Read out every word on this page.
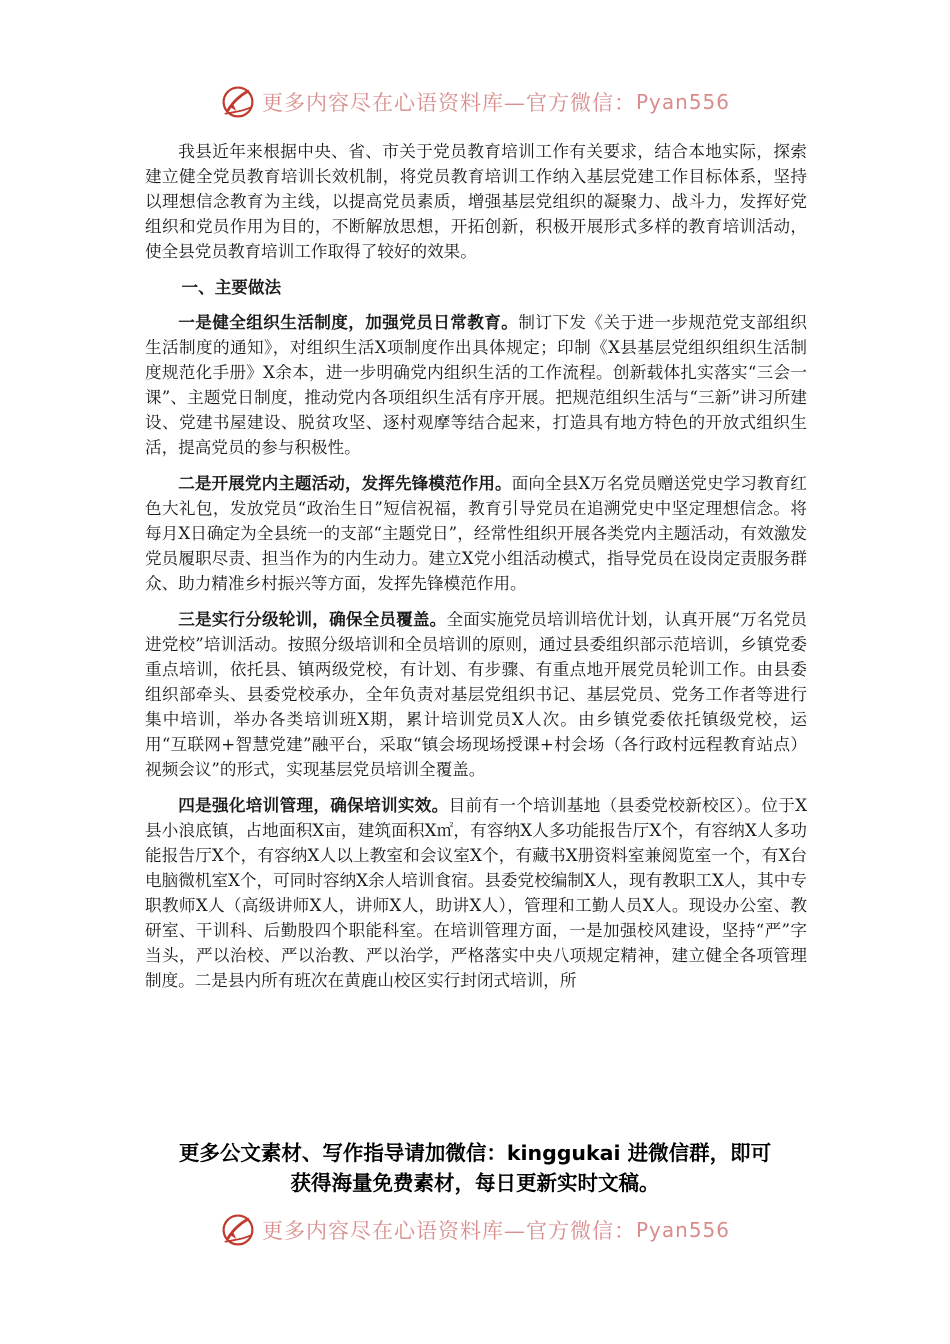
更多内容尽在心语资料库—官方微信： Pyan556

我县近年来根据中央、省、市关于党员教育培训工作有关要求，结合本地实际，探索建立健全党员教育培训长效机制，将党员教育培训工作纳入基层党建工作目标体系，坚持以理想信念教育为主线，以提高党员素质，增强基层党组织的凝聚力、战斗力，发挥好党组织和党员作用为目的，不断解放思想，开拓创新，积极开展形式多样的教育培训活动，使全县党员教育培训工作取得了较好的效果。

一、主要做法

一是健全组织生活制度，加强党员日常教育。制订下发《关于进一步规范党支部组织生活制度的通知》，对组织生活X项制度作出具体规定；印制《X县基层党组织组织生活制度规范化手册》X余本，进一步明确党内组织生活的工作流程。创新载体扎实落实“三会一课”、主题党日制度，推动党内各项组织生活有序开展。把规范组织生活与“三新”讲习所建设、党建书屋建设、脱贫攻坚、逐村观摩等结合起来，打造具有地方特色的开放式组织生活，提高党员的参与积极性。

二是开展党内主题活动，发挥先锋模范作用。面向全县X万名党员赠送党史学习教育红色大礼包，发放党员“政治生日”短信祝福，教育引导党员在追溯党史中坚定理想信念。将每月X日确定为全县统一的支部“主题党日”，经常性组织开展各类党内主题活动，有效激发党员履职尽责、担当作为的内生动力。建立X党小组活动模式，指导党员在设岗定责服务群众、助力精准乡村振兴等方面，发挥先锋模范作用。

三是实行分级轮训，确保全员覆盖。全面实施党员培训培优计划，认真开展“万名党员进党校”培训活动。按照分级培训和全员培训的原则，通过县委组织部示范培训，乡镇党委重点培训，依托县、镇两级党校，有计划、有步骤、有重点地开展党员轮训工作。由县委组织部牵头、县委党校承办，全年负责对基层党组织书记、基层党员、党务工作者等进行集中培训，举办各类培训班X期，累计培训党员X人次。由乡镇党委依托镇级党校，运用“互联网+智慧党建”融平台，采取“镇会场现场授课+村会场（各行政村远程教育站点）视频会议”的形式，实现基层党员培训全覆盖。

四是强化培训管理，确保培训实效。目前有一个培训基地（县委党校新校区）。位于X县小浪底镇，占地面积X亩，建筑面积X㎡，有容纳X人多功能报告厅X个，有容纳X人多功能报告厅X个，有容纳X人以上教室和会议室X个，有藏书X册资料室兼阅览室一个，有X台电脑微机室X个，可同时容纳X余人培训食宿。县委党校编制X人，现有教职工X人，其中专职教师X人（高级讲师X人，讲师X人，助讲X人），管理和工勤人员X人。现设办公室、教研室、干训科、后勤股四个职能科室。在培训管理方面，一是加强校风建设，坚持“严”字当头，严以治校、严以治教、严以治学，严格落实中央八项规定精神，建立健全各项管理制度。二是县内所有班次在黄鹿山校区实行封闭式培训，所

更多公文素材、写作指导请加微信：kinggukai 进微信群，即可
获得海量免费素材，每日更新实时文稿。
更多内容尽在心语资料库—官方微信： Pyan556
